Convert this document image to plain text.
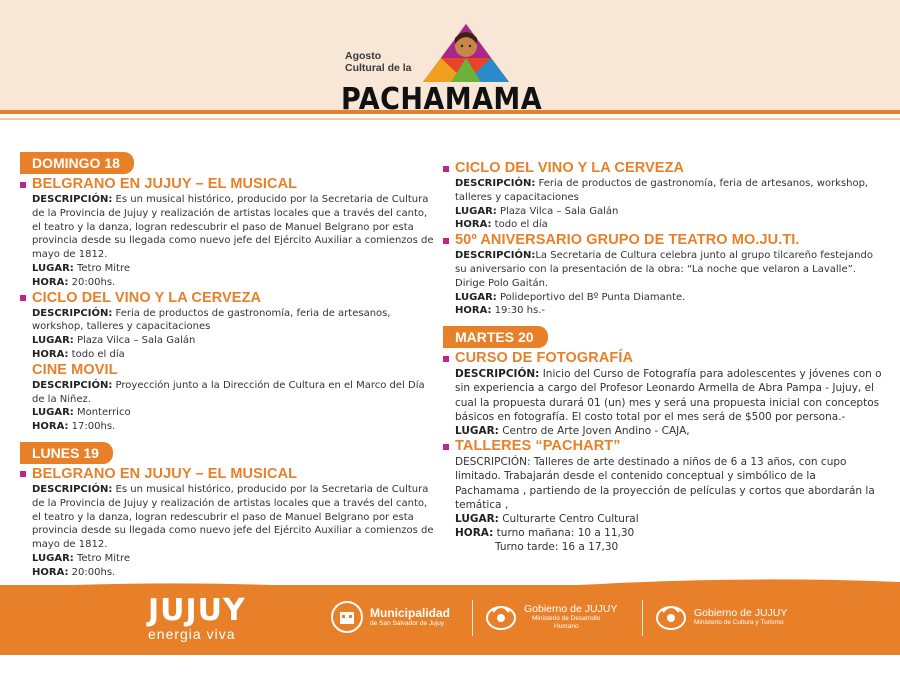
Agosto
Cultural de la
PACHAMAMA
DOMINGO 18
BELGRANO EN JUJUY – EL MUSICAL
DESCRIPCIÓN: Es un musical histórico, producido por la Secretaria de Cultura de la Provincia de Jujuy y realización de artistas locales que a través del canto, el teatro y la danza, logran redescubrir el paso de Manuel Belgrano por esta provincia desde su llegada como nuevo jefe del Ejército Auxiliar a comienzos de mayo de 1812.
LUGAR: Tetro Mitre
HORA: 20:00hs.
CICLO DEL VINO Y LA CERVEZA
DESCRIPCIÓN: Feria de productos de gastronomía, feria de artesanos, workshop, talleres y capacitaciones
LUGAR: Plaza Vilca – Sala Galán
HORA: todo el día
CINE MOVIL
DESCRIPCIÓN: Proyección junto a la Dirección de Cultura en el Marco del Día de la Niñez.
LUGAR: Monterrico
HORA: 17:00hs.
LUNES 19
BELGRANO EN JUJUY – EL MUSICAL
DESCRIPCIÓN: Es un musical histórico, producido por la Secretaria de Cultura de la Provincia de Jujuy y realización de artistas locales que a través del canto, el teatro y la danza, logran redescubrir el paso de Manuel Belgrano por esta provincia desde su llegada como nuevo jefe del Ejército Auxiliar a comienzos de mayo de 1812.
LUGAR: Tetro Mitre
HORA: 20:00hs.
CICLO DEL VINO Y LA CERVEZA
DESCRIPCIÓN: Feria de productos de gastronomía, feria de artesanos, workshop, talleres y capacitaciones
LUGAR: Plaza Vilca – Sala Galán
HORA: todo el día
50º ANIVERSARIO GRUPO DE TEATRO MO.JU.TI.
DESCRIPCIÓN:La Secretaria de Cultura celebra junto al grupo tilcareño festejando su aniversario con la presentación de la obra: “La noche que velaron a Lavalle”. Dirige Polo Gaitán.
LUGAR: Polideportivo del Bº Punta Diamante.
HORA: 19:30 hs.-
MARTES 20
CURSO DE FOTOGRAFÍA
DESCRIPCIÓN: Inicio del Curso de Fotografía para adolescentes y jóvenes con o sin experiencia a cargo del Profesor Leonardo Armella de Abra Pampa - Jujuy, el cual la propuesta durará 01 (un) mes y será una propuesta inicial con conceptos básicos en fotografía. El costo total por el mes será de $500 por persona.-
LUGAR: Centro de Arte Joven Andino - CAJA,
TALLERES “PACHART”
DESCRIPCIÓN: Talleres de arte destinado a niños de 6 a 13 años, con cupo limitado. Trabajarán desde el contenido conceptual y simbólico de la Pachamama , partiendo de la proyección de películas y cortos que abordarán la temática ,
LUGAR: Culturarte Centro Cultural
HORA: turno mañana: 10 a 11,30
Turno tarde: 16 a 17,30
JUJUY
energia viva
Municipalidad
de San Salvador de Jujuy
Gobierno de JUJUY
Ministerio de Desarrollo
Humano
Gobierno de JUJUY
Ministerio de Cultura y Turismo
